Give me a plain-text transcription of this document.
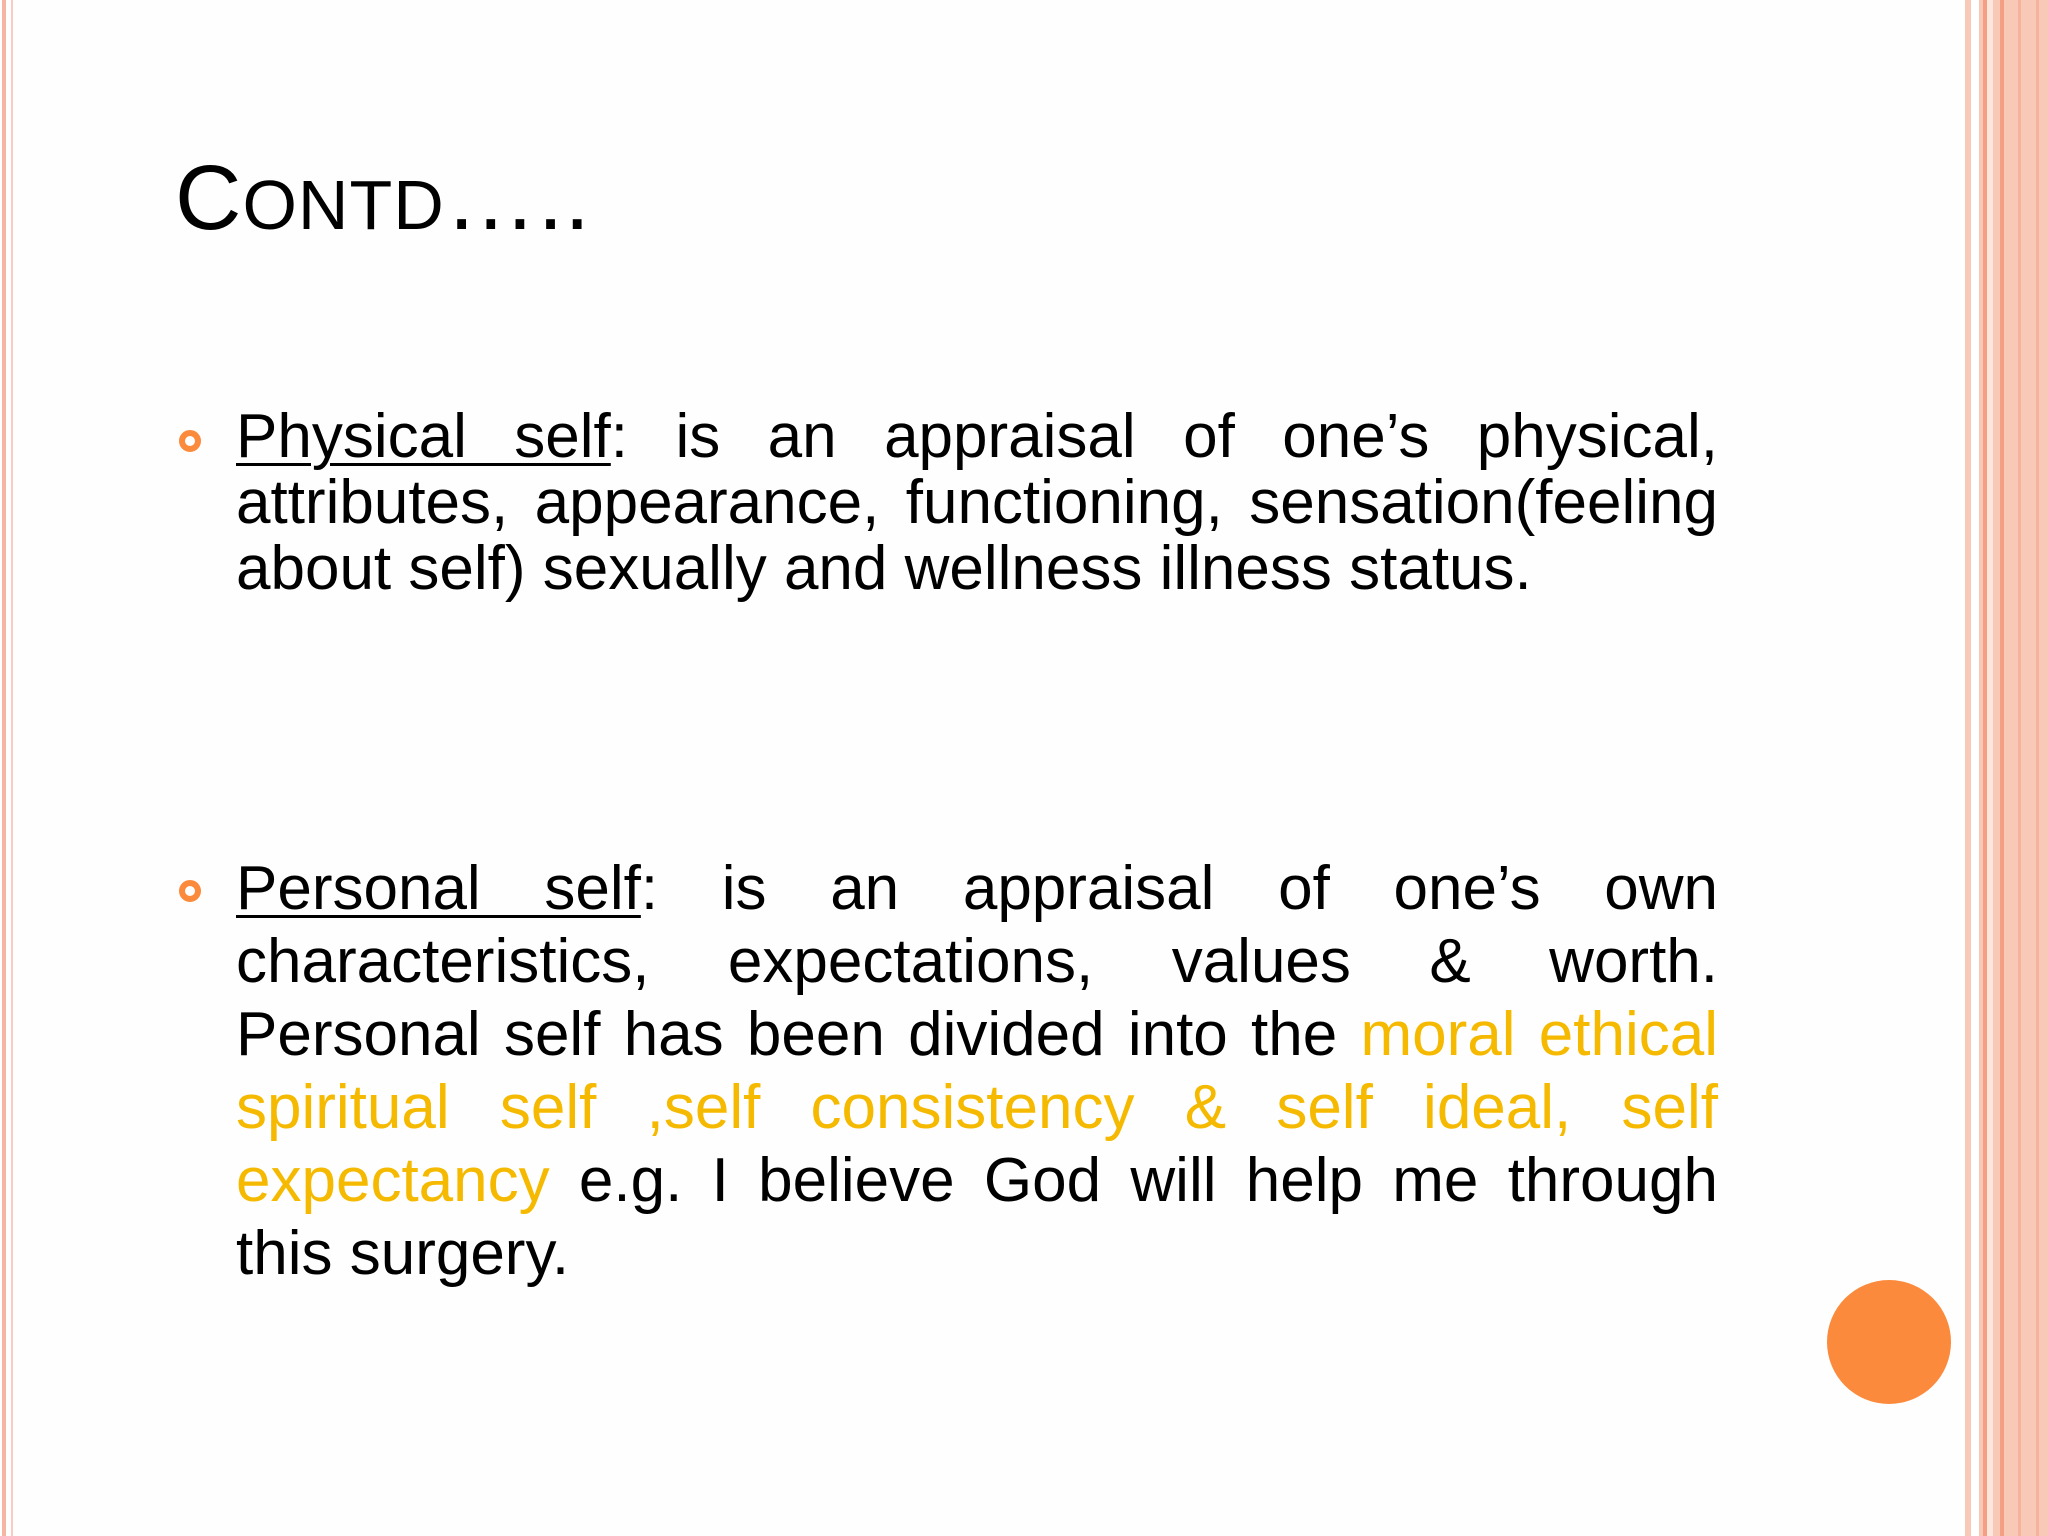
CONTD…..
Physical self: is an appraisal of one’s physical, attributes, appearance, functioning, sensation(feeling about self) sexually and wellness illness status.
Personal self: is an appraisal of one’s own characteristics, expectations, values & worth. Personal self has been divided into the moral ethical spiritual self ,self consistency & self ideal, self expectancy e.g. I believe God will help me through this surgery.
